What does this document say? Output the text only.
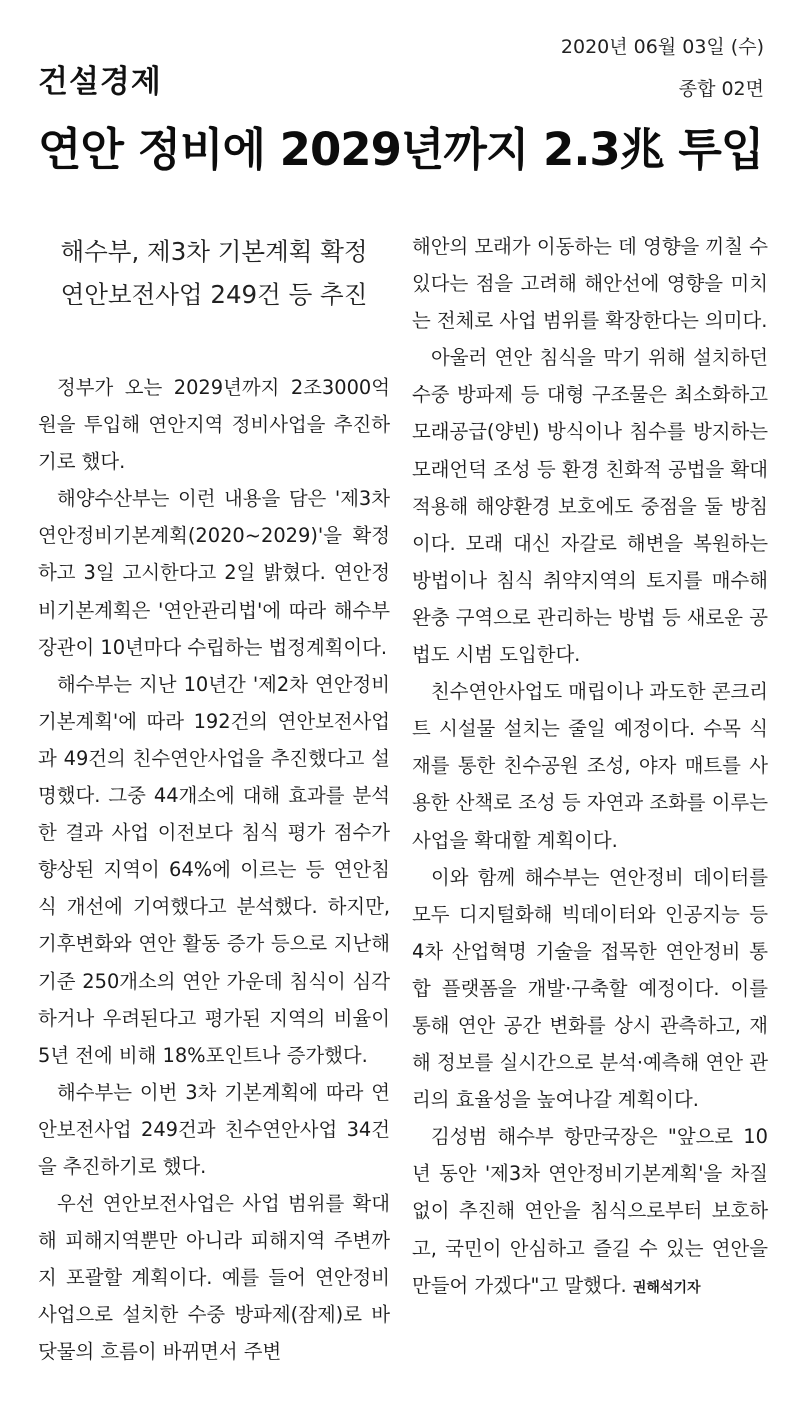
건설경제
2020년 06월 03일 (수)
종합 02면
연안 정비에 2029년까지 2.3兆 투입
해수부, 제3차 기본계획 확정
연안보전사업 249건 등 추진

정부가 오는 2029년까지 2조3000억원을 투입해 연안지역 정비사업을 추진하기로 했다.

해양수산부는 이런 내용을 담은 '제3차 연안정비기본계획(2020~2029)'을 확정하고 3일 고시한다고 2일 밝혔다. 연안정비기본계획은 '연안관리법'에 따라 해수부 장관이 10년마다 수립하는 법정계획이다.

해수부는 지난 10년간 '제2차 연안정비기본계획'에 따라 192건의 연안보전사업과 49건의 친수연안사업을 추진했다고 설명했다. 그중 44개소에 대해 효과를 분석한 결과 사업 이전보다 침식 평가 점수가 향상된 지역이 64%에 이르는 등 연안침식 개선에 기여했다고 분석했다. 하지만, 기후변화와 연안 활동 증가 등으로 지난해 기준 250개소의 연안 가운데 침식이 심각하거나 우려된다고 평가된 지역의 비율이 5년 전에 비해 18%포인트나 증가했다.

해수부는 이번 3차 기본계획에 따라 연안보전사업 249건과 친수연안사업 34건을 추진하기로 했다.

우선 연안보전사업은 사업 범위를 확대해 피해지역뿐만 아니라 피해지역 주변까지 포괄할 계획이다. 예를 들어 연안정비사업으로 설치한 수중 방파제(잠제)로 바닷물의 흐름이 바뀌면서 주변

해안의 모래가 이동하는 데 영향을 끼칠 수 있다는 점을 고려해 해안선에 영향을 미치는 전체로 사업 범위를 확장한다는 의미다.

아울러 연안 침식을 막기 위해 설치하던 수중 방파제 등 대형 구조물은 최소화하고 모래공급(양빈) 방식이나 침수를 방지하는 모래언덕 조성 등 환경 친화적 공법을 확대 적용해 해양환경 보호에도 중점을 둘 방침이다. 모래 대신 자갈로 해변을 복원하는 방법이나 침식 취약지역의 토지를 매수해 완충 구역으로 관리하는 방법 등 새로운 공법도 시범 도입한다.

친수연안사업도 매립이나 과도한 콘크리트 시설물 설치는 줄일 예정이다. 수목 식재를 통한 친수공원 조성, 야자 매트를 사용한 산책로 조성 등 자연과 조화를 이루는 사업을 확대할 계획이다.

이와 함께 해수부는 연안정비 데이터를 모두 디지털화해 빅데이터와 인공지능 등 4차 산업혁명 기술을 접목한 연안정비 통합 플랫폼을 개발·구축할 예정이다. 이를 통해 연안 공간 변화를 상시 관측하고, 재해 정보를 실시간으로 분석·예측해 연안 관리의 효율성을 높여나갈 계획이다.

김성범 해수부 항만국장은 "앞으로 10년 동안 '제3차 연안정비기본계획'을 차질 없이 추진해 연안을 침식으로부터 보호하고, 국민이 안심하고 즐길 수 있는 연안을 만들어 가겠다"고 말했다. 권해석기자
